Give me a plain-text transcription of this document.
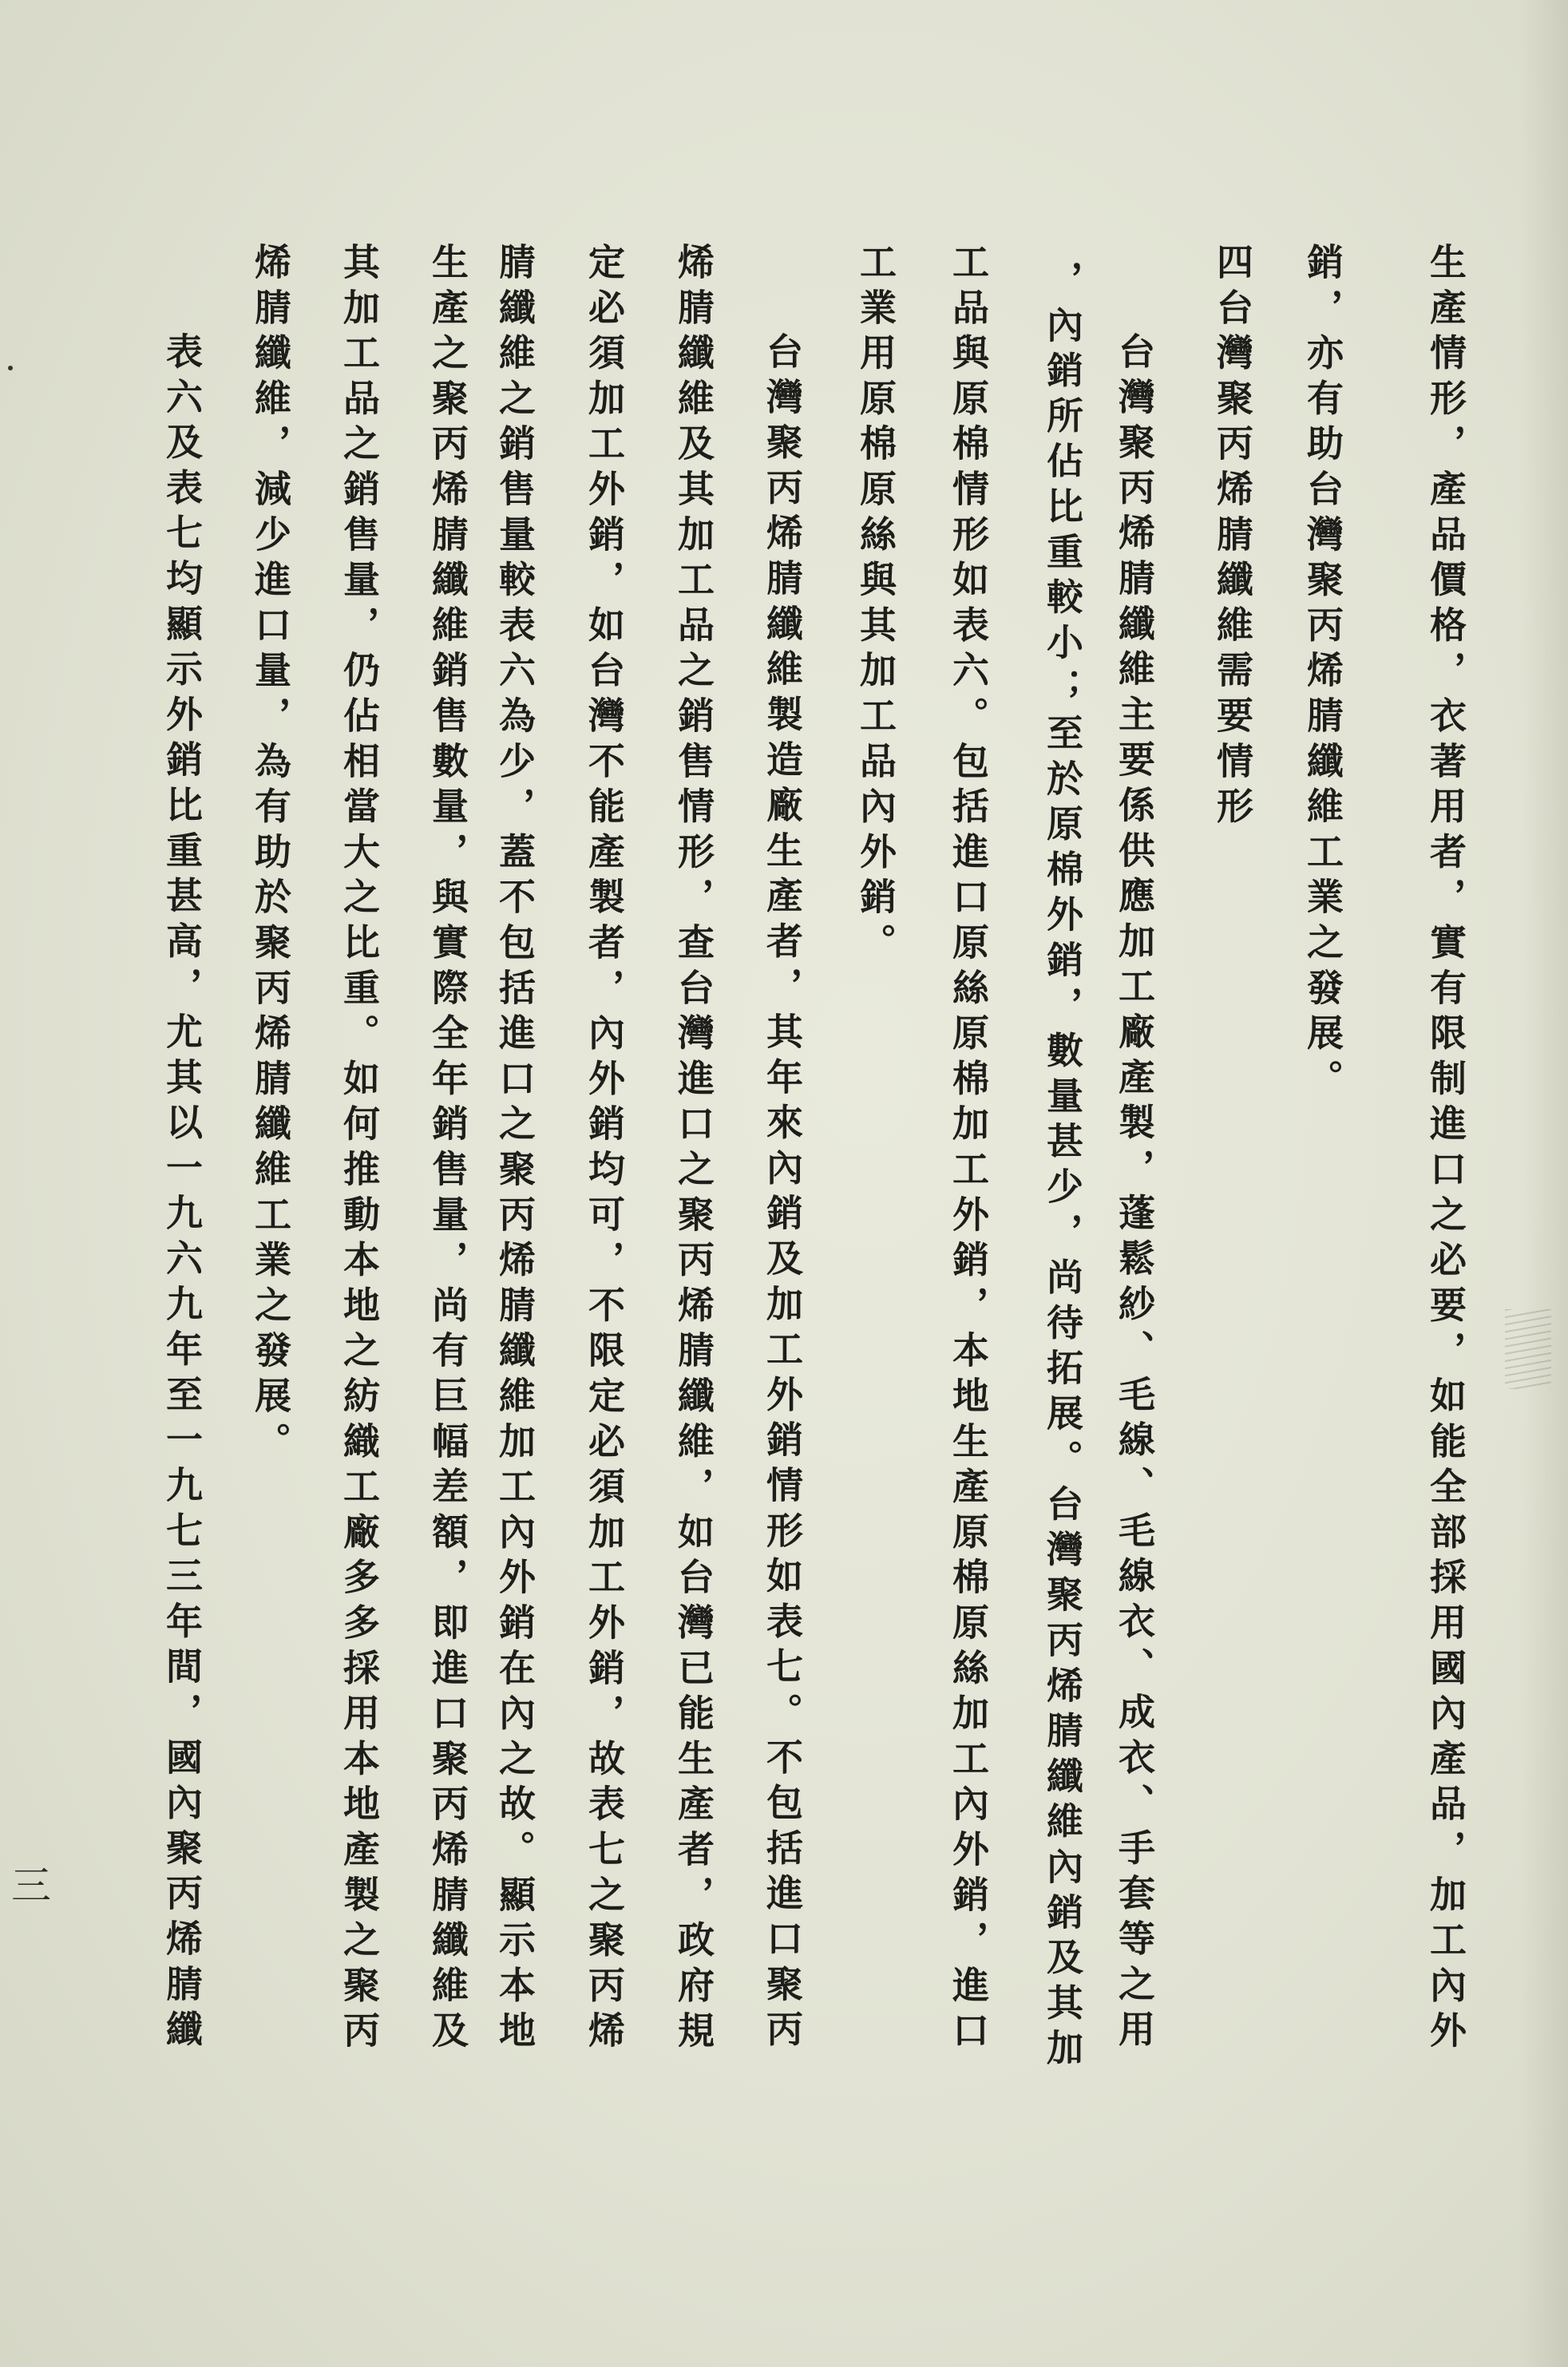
生產情形，產品價格，衣著用者，實有限制進口之必要，如能全部採用國內產品，加工內外
銷，亦有助台灣聚丙烯腈纖維工業之發展。
四台灣聚丙烯腈纖維需要情形
台灣聚丙烯腈纖維主要係供應加工廠產製，蓬鬆紗、毛線、毛線衣、成衣、手套等之用
，內銷所佔比重較小；至於原棉外銷，數量甚少，尚待拓展。台灣聚丙烯腈纖維內銷及其加
工品與原棉情形如表六。包括進口原絲原棉加工外銷，本地生產原棉原絲加工內外銷，進口
工業用原棉原絲與其加工品內外銷。
台灣聚丙烯腈纖維製造廠生產者，其年來內銷及加工外銷情形如表七。不包括進口聚丙
烯腈纖維及其加工品之銷售情形，查台灣進口之聚丙烯腈纖維，如台灣已能生產者，政府規
定必須加工外銷，如台灣不能產製者，內外銷均可，不限定必須加工外銷，故表七之聚丙烯
腈纖維之銷售量較表六為少，蓋不包括進口之聚丙烯腈纖維加工內外銷在內之故。顯示本地
生產之聚丙烯腈纖維銷售數量，與實際全年銷售量，尚有巨幅差額，即進口聚丙烯腈纖維及
其加工品之銷售量，仍佔相當大之比重。如何推動本地之紡織工廠多多採用本地產製之聚丙
烯腈纖維，減少進口量，為有助於聚丙烯腈纖維工業之發展。
表六及表七均顯示外銷比重甚高，尤其以一九六九年至一九七三年間，國內聚丙烯腈纖
三
